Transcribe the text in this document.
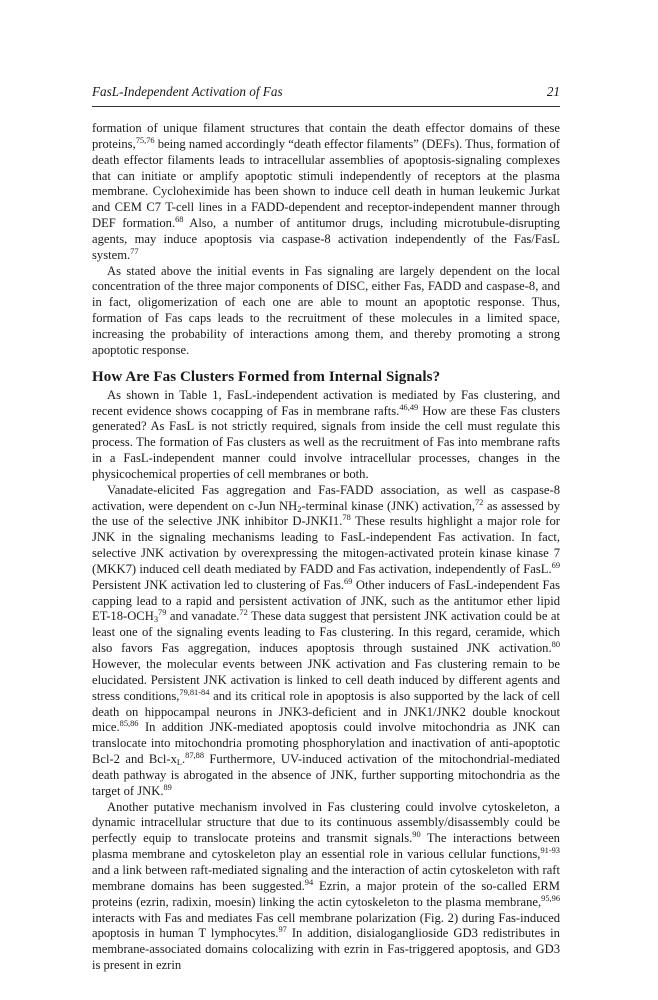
FasL-Independent Activation of Fas	21

formation of unique filament structures that contain the death effector domains of these proteins,$^{75,76}$ being named accordingly “death effector filaments” (DEFs). Thus, formation of death effector filaments leads to intracellular assemblies of apoptosis-signaling complexes that can initiate or amplify apoptotic stimuli independently of receptors at the plasma membrane. Cycloheximide has been shown to induce cell death in human leukemic Jurkat and CEM C7 T-cell lines in a FADD-dependent and receptor-independent manner through DEF formation.$^{68}$ Also, a number of antitumor drugs, including microtubule-disrupting agents, may induce apoptosis via caspase-8 activation independently of the Fas/FasL system.$^{77}$

As stated above the initial events in Fas signaling are largely dependent on the local concentration of the three major components of DISC, either Fas, FADD and caspase-8, and in fact, oligomerization of each one are able to mount an apoptotic response. Thus, formation of Fas caps leads to the recruitment of these molecules in a limited space, increasing the probability of interactions among them, and thereby promoting a strong apoptotic response.

How Are Fas Clusters Formed from Internal Signals?

As shown in Table 1, FasL-independent activation is mediated by Fas clustering, and recent evidence shows cocapping of Fas in membrane rafts.$^{46,49}$ How are these Fas clusters generated? As FasL is not strictly required, signals from inside the cell must regulate this process. The formation of Fas clusters as well as the recruitment of Fas into membrane rafts in a FasL-independent manner could involve intracellular processes, changes in the physicochemical properties of cell membranes or both.

Vanadate-elicited Fas aggregation and Fas-FADD association, as well as caspase-8 activation, were dependent on c-Jun $NH_2$-terminal kinase (JNK) activation,$^{72}$ as assessed by the use of the selective JNK inhibitor D-JNKI1.78 These results highlight a major role for JNK in the signaling mechanisms leading to FasL-independent Fas activation. In fact, selective JNK activation by overexpressing the mitogen-activated protein kinase kinase 7 (MKK7) induced cell death mediated by FADD and Fas activation, independently of FasL.$^{69}$ Persistent JNK activation led to clustering of Fas.$^{69}$ Other inducers of FasL-independent Fas capping lead to a rapid and persistent activation of JNK, such as the antitumor ether lipid $ET-18-OCH_3^{79}$ and vanadate.$^{72}$ These data suggest that persistent JNK activation could be at least one of the signaling events leading to Fas clustering. In this regard, ceramide, which also favors Fas aggregation, induces apoptosis through sustained JNK activation.$^{80}$ However, the molecular events between JNK activation and Fas clustering remain to be elucidated. Persistent JNK activation is linked to cell death induced by different agents and stress conditions,$^{79,81-84}$ and its critical role in apoptosis is also supported by the lack of cell death on hippocampal neurons in JNK3-deficient and in JNK1/JNK2 double knockout mice.$^{85,86}$ In addition JNK-mediated apoptosis could involve mitochondria as JNK can translocate into mitochondria promoting phosphorylation and inactivation of anti-apoptotic Bcl-2 and Bcl-$x_L.^{87,88}$ Furthermore, UV-induced activation of the mitochondrial-mediated death pathway is abrogated in the absence of JNK, further supporting mitochondria as the target of JNK.$^{89}$

Another putative mechanism involved in Fas clustering could involve cytoskeleton, a dynamic intracellular structure that due to its continuous assembly/disassembly could be perfectly equip to translocate proteins and transmit signals.$^{90}$ The interactions between plasma membrane and cytoskeleton play an essential role in various cellular functions,$^{91-93}$ and a link between raft-mediated signaling and the interaction of actin cytoskeleton with raft membrane domains has been suggested.$^{94}$ Ezrin, a major protein of the so-called ERM proteins (ezrin, radixin, moesin) linking the actin cytoskeleton to the plasma membrane,$^{95,96}$ interacts with Fas and mediates Fas cell membrane polarization (Fig. 2) during Fas-induced apoptosis in human T lymphocytes.$^{97}$ In addition, disialoganglioside GD3 redistributes in membrane-associated domains colocalizing with ezrin in Fas-triggered apoptosis, and GD3 is present in ezrin
